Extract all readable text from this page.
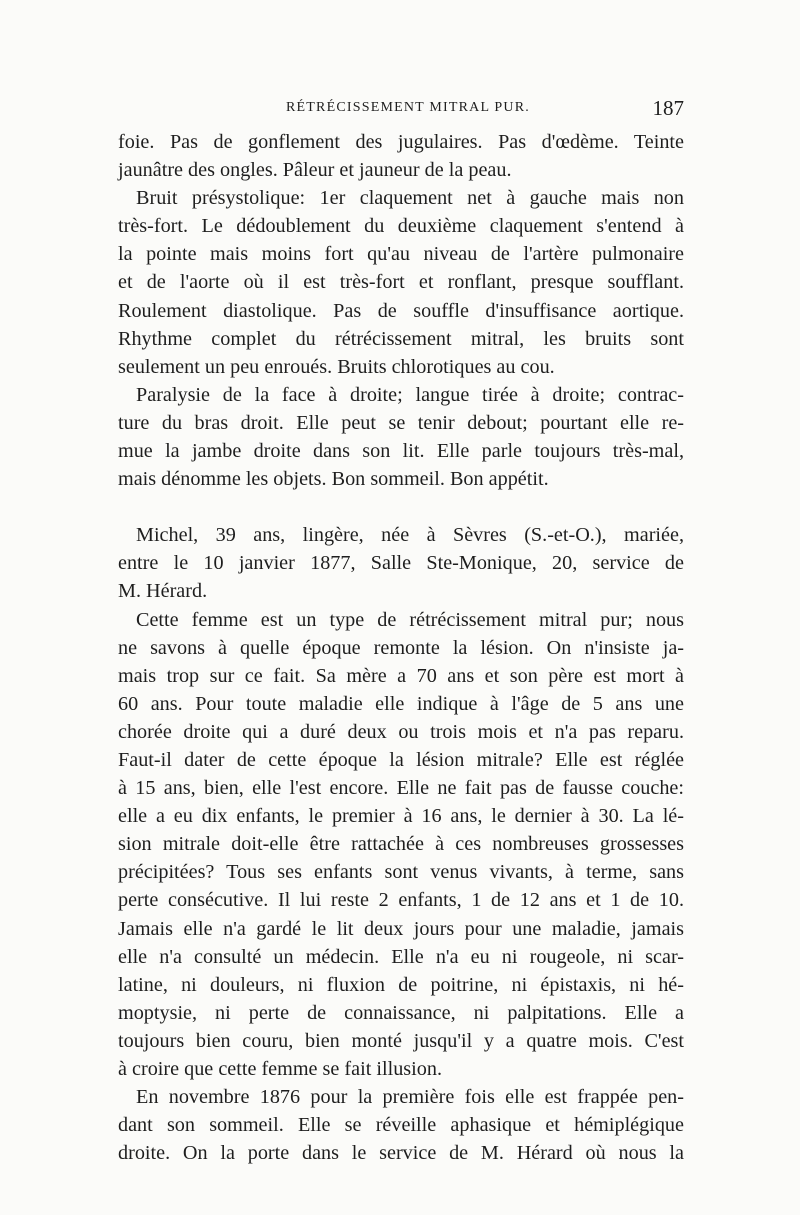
RÉTRÉCISSEMENT MITRAL PUR.	187
foie. Pas de gonflement des jugulaires. Pas d'œdème. Teinte
jaunâtre des ongles. Pâleur et jauneur de la peau.
Bruit présystolique: 1er claquement net à gauche mais non
très-fort. Le dédoublement du deuxième claquement s'entend à
la pointe mais moins fort qu'au niveau de l'artère pulmonaire
et de l'aorte où il est très-fort et ronflant, presque soufflant.
Roulement diastolique. Pas de souffle d'insuffisance aortique.
Rhythme complet du rétrécissement mitral, les bruits sont
seulement un peu enroués. Bruits chlorotiques au cou.
Paralysie de la face à droite; langue tirée à droite; contrac-
ture du bras droit. Elle peut se tenir debout; pourtant elle re-
mue la jambe droite dans son lit. Elle parle toujours très-mal,
mais dénomme les objets. Bon sommeil. Bon appétit.
Michel, 39 ans, lingère, née à Sèvres (S.-et-O.), mariée,
entre le 10 janvier 1877, Salle Ste-Monique, 20, service de
M. Hérard.
Cette femme est un type de rétrécissement mitral pur; nous
ne savons à quelle époque remonte la lésion. On n'insiste ja-
mais trop sur ce fait. Sa mère a 70 ans et son père est mort à
60 ans. Pour toute maladie elle indique à l'âge de 5 ans une
chorée droite qui a duré deux ou trois mois et n'a pas reparu.
Faut-il dater de cette époque la lésion mitrale? Elle est réglée
à 15 ans, bien, elle l'est encore. Elle ne fait pas de fausse couche:
elle a eu dix enfants, le premier à 16 ans, le dernier à 30. La lé-
sion mitrale doit-elle être rattachée à ces nombreuses grossesses
précipitées? Tous ses enfants sont venus vivants, à terme, sans
perte consécutive. Il lui reste 2 enfants, 1 de 12 ans et 1 de 10.
Jamais elle n'a gardé le lit deux jours pour une maladie, jamais
elle n'a consulté un médecin. Elle n'a eu ni rougeole, ni scar-
latine, ni douleurs, ni fluxion de poitrine, ni épistaxis, ni hé-
moptysie, ni perte de connaissance, ni palpitations. Elle a
toujours bien couru, bien monté jusqu'il y a quatre mois. C'est
à croire que cette femme se fait illusion.
En novembre 1876 pour la première fois elle est frappée pen-
dant son sommeil. Elle se réveille aphasique et hémiplégique
droite. On la porte dans le service de M. Hérard où nous la
